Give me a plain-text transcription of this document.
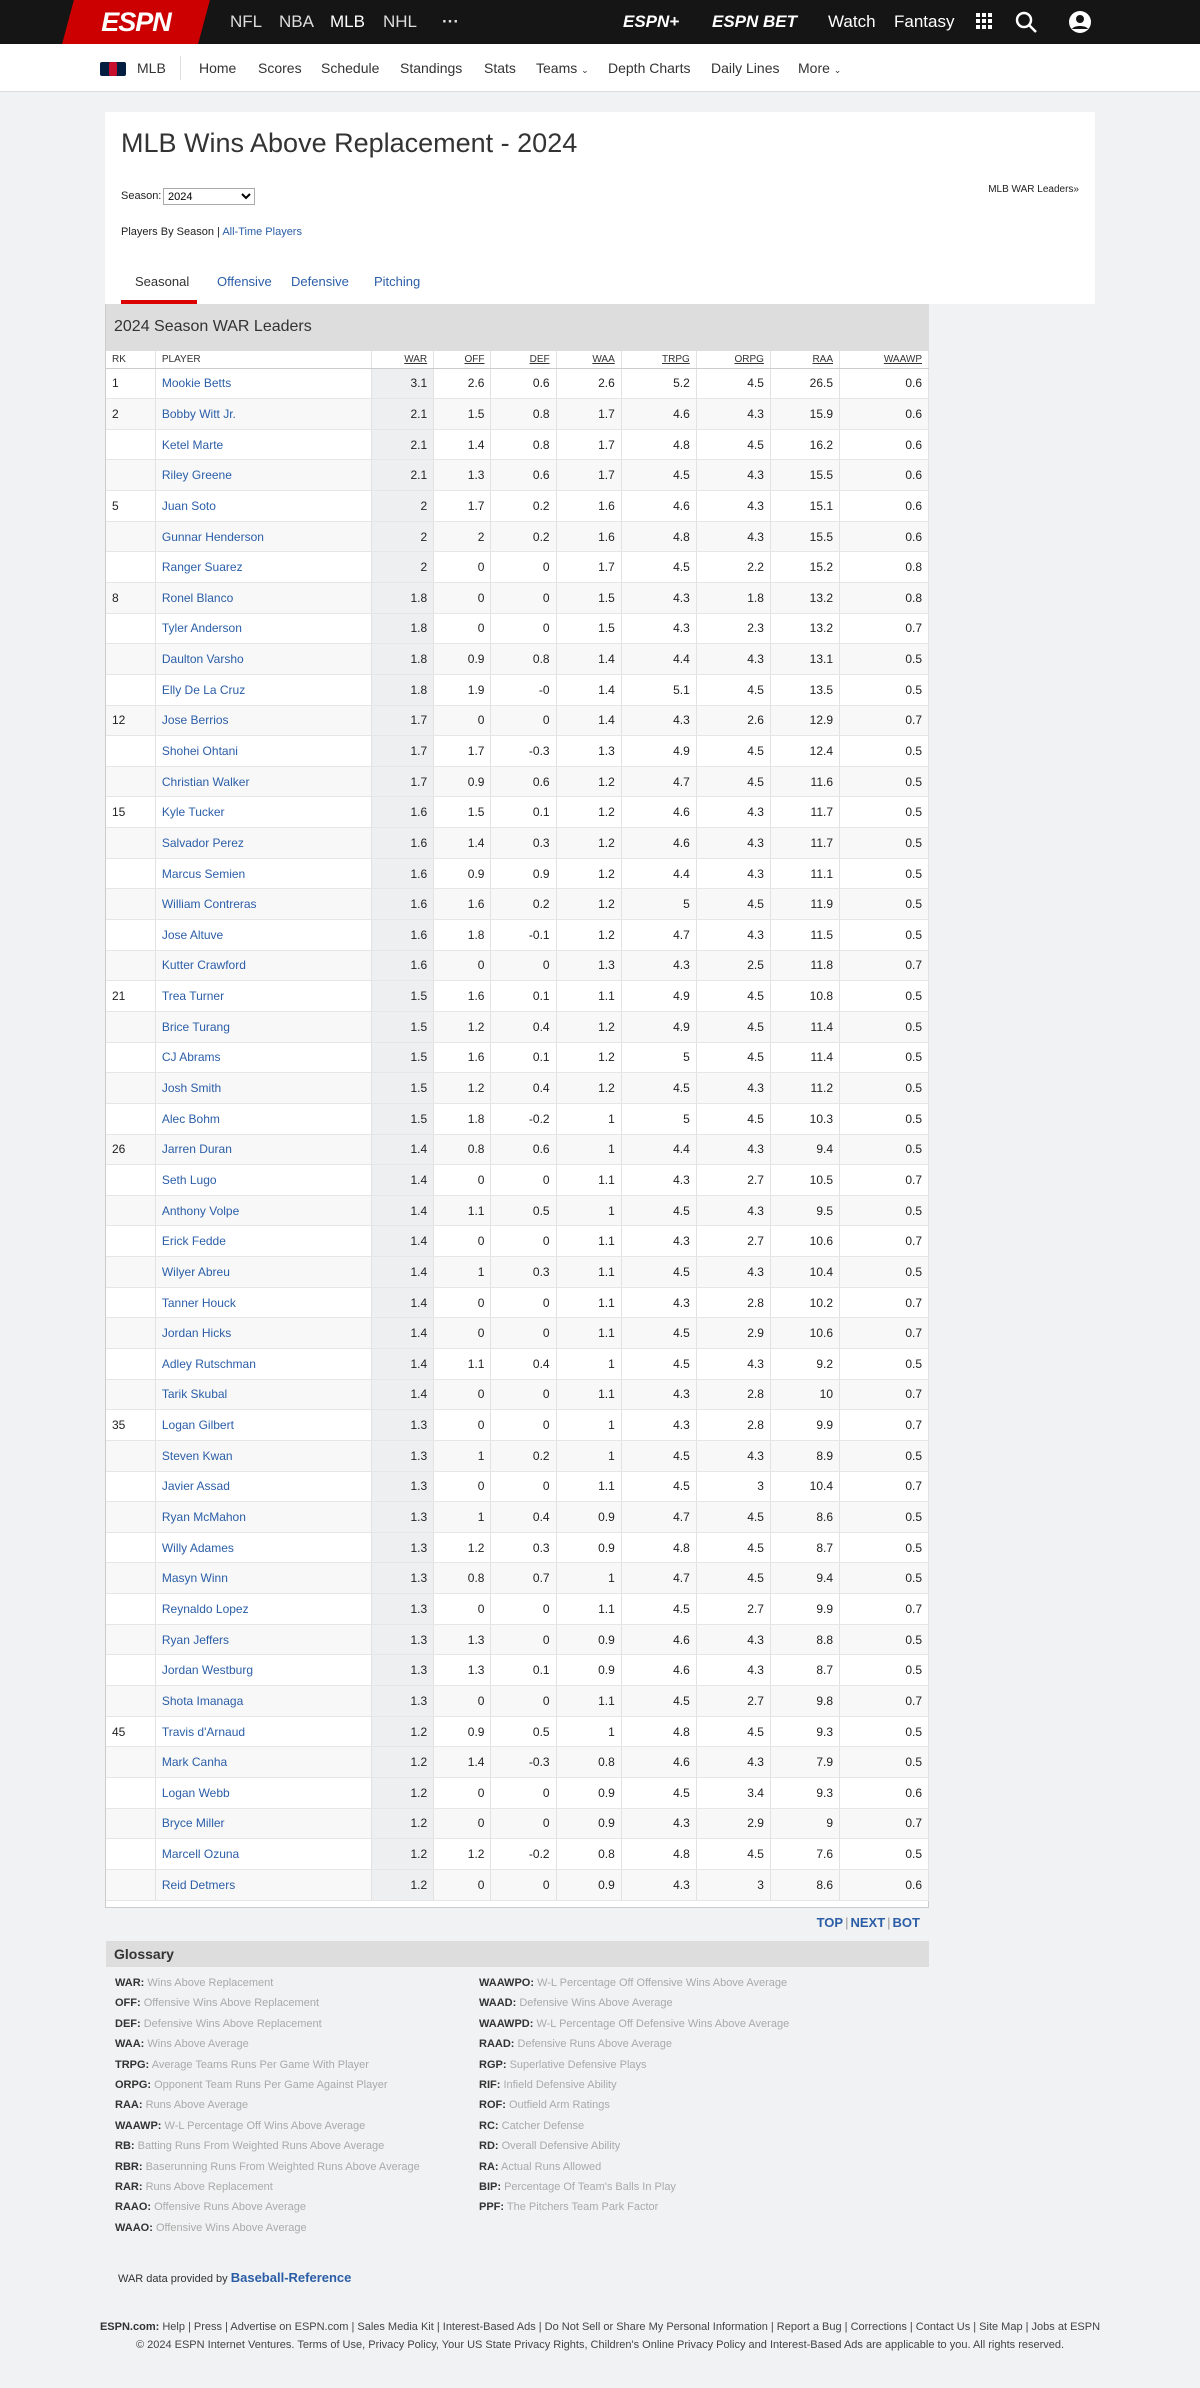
ESPN	NFL NBA MLB NHL ···	ESPN+ ESPN BET Watch Fantasy
MLB Home Scores Schedule Standings Stats Teams ⌄ Depth Charts Daily Lines More ⌄
MLB Wins Above Replacement - 2024
Season:
2024
MLB WAR Leaders»
Players By Season | All-Time Players
Seasonal Offensive Defensive Pitching
2024 Season WAR Leaders
RK	PLAYER	WAR	OFF	DEF	WAA	TRPG	ORPG	RAA	WAAWP
1	Mookie Betts	3.1	2.6	0.6	2.6	5.2	4.5	26.5	0.6
2	Bobby Witt Jr.	2.1	1.5	0.8	1.7	4.6	4.3	15.9	0.6
	Ketel Marte	2.1	1.4	0.8	1.7	4.8	4.5	16.2	0.6
	Riley Greene	2.1	1.3	0.6	1.7	4.5	4.3	15.5	0.6
5	Juan Soto	2	1.7	0.2	1.6	4.6	4.3	15.1	0.6
	Gunnar Henderson	2	2	0.2	1.6	4.8	4.3	15.5	0.6
	Ranger Suarez	2	0	0	1.7	4.5	2.2	15.2	0.8
8	Ronel Blanco	1.8	0	0	1.5	4.3	1.8	13.2	0.8
	Tyler Anderson	1.8	0	0	1.5	4.3	2.3	13.2	0.7
	Daulton Varsho	1.8	0.9	0.8	1.4	4.4	4.3	13.1	0.5
	Elly De La Cruz	1.8	1.9	-0	1.4	5.1	4.5	13.5	0.5
12	Jose Berrios	1.7	0	0	1.4	4.3	2.6	12.9	0.7
	Shohei Ohtani	1.7	1.7	-0.3	1.3	4.9	4.5	12.4	0.5
	Christian Walker	1.7	0.9	0.6	1.2	4.7	4.5	11.6	0.5
15	Kyle Tucker	1.6	1.5	0.1	1.2	4.6	4.3	11.7	0.5
	Salvador Perez	1.6	1.4	0.3	1.2	4.6	4.3	11.7	0.5
	Marcus Semien	1.6	0.9	0.9	1.2	4.4	4.3	11.1	0.5
	William Contreras	1.6	1.6	0.2	1.2	5	4.5	11.9	0.5
	Jose Altuve	1.6	1.8	-0.1	1.2	4.7	4.3	11.5	0.5
	Kutter Crawford	1.6	0	0	1.3	4.3	2.5	11.8	0.7
21	Trea Turner	1.5	1.6	0.1	1.1	4.9	4.5	10.8	0.5
	Brice Turang	1.5	1.2	0.4	1.2	4.9	4.5	11.4	0.5
	CJ Abrams	1.5	1.6	0.1	1.2	5	4.5	11.4	0.5
	Josh Smith	1.5	1.2	0.4	1.2	4.5	4.3	11.2	0.5
	Alec Bohm	1.5	1.8	-0.2	1	5	4.5	10.3	0.5
26	Jarren Duran	1.4	0.8	0.6	1	4.4	4.3	9.4	0.5
	Seth Lugo	1.4	0	0	1.1	4.3	2.7	10.5	0.7
	Anthony Volpe	1.4	1.1	0.5	1	4.5	4.3	9.5	0.5
	Erick Fedde	1.4	0	0	1.1	4.3	2.7	10.6	0.7
	Wilyer Abreu	1.4	1	0.3	1.1	4.5	4.3	10.4	0.5
	Tanner Houck	1.4	0	0	1.1	4.3	2.8	10.2	0.7
	Jordan Hicks	1.4	0	0	1.1	4.5	2.9	10.6	0.7
	Adley Rutschman	1.4	1.1	0.4	1	4.5	4.3	9.2	0.5
	Tarik Skubal	1.4	0	0	1.1	4.3	2.8	10	0.7
35	Logan Gilbert	1.3	0	0	1	4.3	2.8	9.9	0.7
	Steven Kwan	1.3	1	0.2	1	4.5	4.3	8.9	0.5
	Javier Assad	1.3	0	0	1.1	4.5	3	10.4	0.7
	Ryan McMahon	1.3	1	0.4	0.9	4.7	4.5	8.6	0.5
	Willy Adames	1.3	1.2	0.3	0.9	4.8	4.5	8.7	0.5
	Masyn Winn	1.3	0.8	0.7	1	4.7	4.5	9.4	0.5
	Reynaldo Lopez	1.3	0	0	1.1	4.5	2.7	9.9	0.7
	Ryan Jeffers	1.3	1.3	0	0.9	4.6	4.3	8.8	0.5
	Jordan Westburg	1.3	1.3	0.1	0.9	4.6	4.3	8.7	0.5
	Shota Imanaga	1.3	0	0	1.1	4.5	2.7	9.8	0.7
45	Travis d'Arnaud	1.2	0.9	0.5	1	4.8	4.5	9.3	0.5
	Mark Canha	1.2	1.4	-0.3	0.8	4.6	4.3	7.9	0.5
	Logan Webb	1.2	0	0	0.9	4.5	3.4	9.3	0.6
	Bryce Miller	1.2	0	0	0.9	4.3	2.9	9	0.7
	Marcell Ozuna	1.2	1.2	-0.2	0.8	4.8	4.5	7.6	0.5
	Reid Detmers	1.2	0	0	0.9	4.3	3	8.6	0.6
TOP | NEXT | BOT
Glossary
WAR: Wins Above Replacement
OFF: Offensive Wins Above Replacement
DEF: Defensive Wins Above Replacement
WAA: Wins Above Average
TRPG: Average Teams Runs Per Game With Player
ORPG: Opponent Team Runs Per Game Against Player
RAA: Runs Above Average
WAAWP: W-L Percentage Off Wins Above Average
RB: Batting Runs From Weighted Runs Above Average
RBR: Baserunning Runs From Weighted Runs Above Average
RAR: Runs Above Replacement
RAAO: Offensive Runs Above Average
WAAO: Offensive Wins Above Average
WAAWPO: W-L Percentage Off Offensive Wins Above Average
WAAD: Defensive Wins Above Average
WAAWPD: W-L Percentage Off Defensive Wins Above Average
RAAD: Defensive Runs Above Average
RGP: Superlative Defensive Plays
RIF: Infield Defensive Ability
ROF: Outfield Arm Ratings
RC: Catcher Defense
RD: Overall Defensive Ability
RA: Actual Runs Allowed
BIP: Percentage Of Team's Balls In Play
PPF: The Pitchers Team Park Factor
WAR data provided by Baseball-Reference
ESPN.com: Help | Press | Advertise on ESPN.com | Sales Media Kit | Interest-Based Ads | Do Not Sell or Share My Personal Information | Report a Bug | Corrections | Contact Us | Site Map | Jobs at ESPN
© 2024 ESPN Internet Ventures. Terms of Use, Privacy Policy, Your US State Privacy Rights, Children's Online Privacy Policy and Interest-Based Ads are applicable to you. All rights reserved.
